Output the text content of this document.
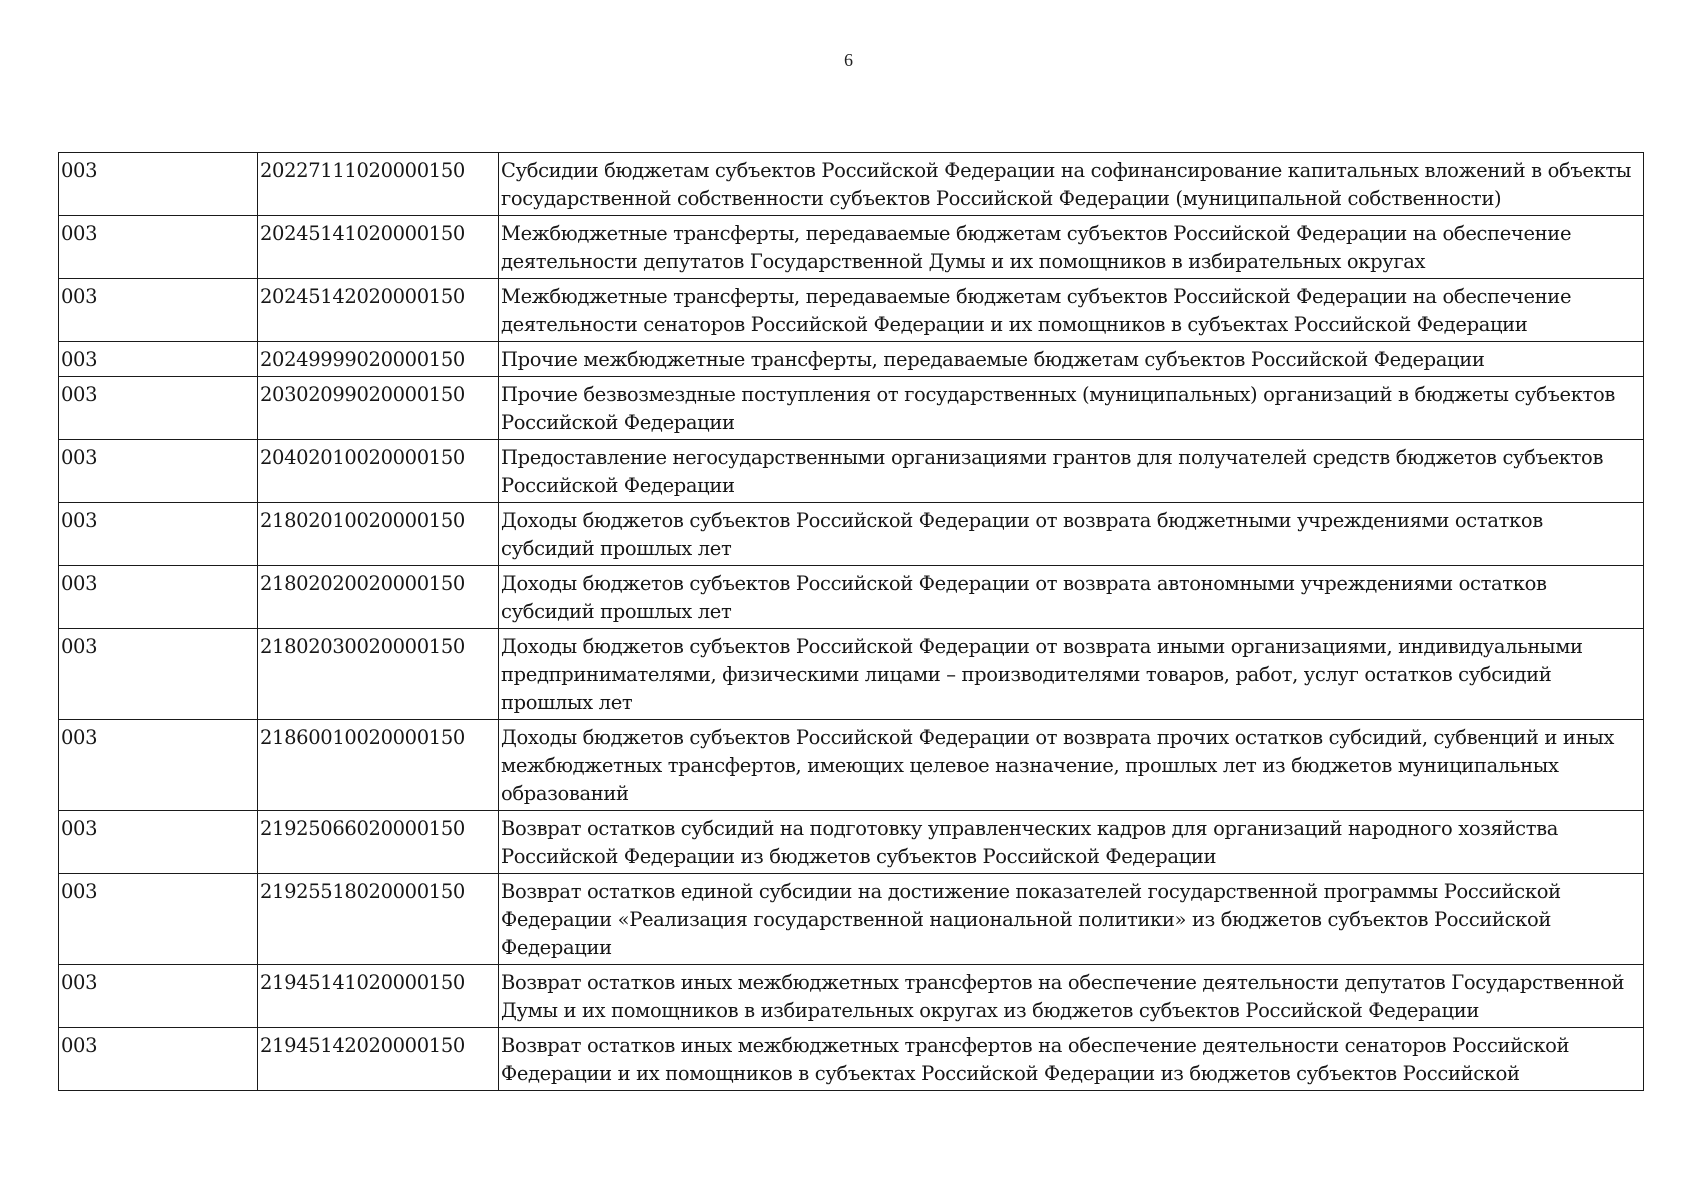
6
003	20227111020000150	Субсидии бюджетам субъектов Российской Федерации на софинансирование капитальных вложений в объекты государственной собственности субъектов Российской Федерации (муниципальной собственности)
003	20245141020000150	Межбюджетные трансферты, передаваемые бюджетам субъектов Российской Федерации на обеспечение деятельности депутатов Государственной Думы и их помощников в избирательных округах
003	20245142020000150	Межбюджетные трансферты, передаваемые бюджетам субъектов Российской Федерации на обеспечение деятельности сенаторов Российской Федерации и их помощников в субъектах Российской Федерации
003	20249999020000150	Прочие межбюджетные трансферты, передаваемые бюджетам субъектов Российской Федерации
003	20302099020000150	Прочие безвозмездные поступления от государственных (муниципальных) организаций в бюджеты субъектов Российской Федерации
003	20402010020000150	Предоставление негосударственными организациями грантов для получателей средств бюджетов субъектов Российской Федерации
003	21802010020000150	Доходы бюджетов субъектов Российской Федерации от возврата бюджетными учреждениями остатков субсидий прошлых лет
003	21802020020000150	Доходы бюджетов субъектов Российской Федерации от возврата автономными учреждениями остатков субсидий прошлых лет
003	21802030020000150	Доходы бюджетов субъектов Российской Федерации от возврата иными организациями, индивидуальными предпринимателями, физическими лицами – производителями товаров, работ, услуг остатков субсидий прошлых лет
003	21860010020000150	Доходы бюджетов субъектов Российской Федерации от возврата прочих остатков субсидий, субвенций и иных межбюджетных трансфертов, имеющих целевое назначение, прошлых лет из бюджетов муниципальных образований
003	21925066020000150	Возврат остатков субсидий на подготовку управленческих кадров для организаций народного хозяйства Российской Федерации из бюджетов субъектов Российской Федерации
003	21925518020000150	Возврат остатков единой субсидии на достижение показателей государственной программы Российской Федерации «Реализация государственной национальной политики» из бюджетов субъектов Российской Федерации
003	21945141020000150	Возврат остатков иных межбюджетных трансфертов на обеспечение деятельности депутатов Государственной Думы и их помощников в избирательных округах из бюджетов субъектов Российской Федерации
003	21945142020000150	Возврат остатков иных межбюджетных трансфертов на обеспечение деятельности сенаторов Российской Федерации и их помощников в субъектах Российской Федерации из бюджетов субъектов Российской
